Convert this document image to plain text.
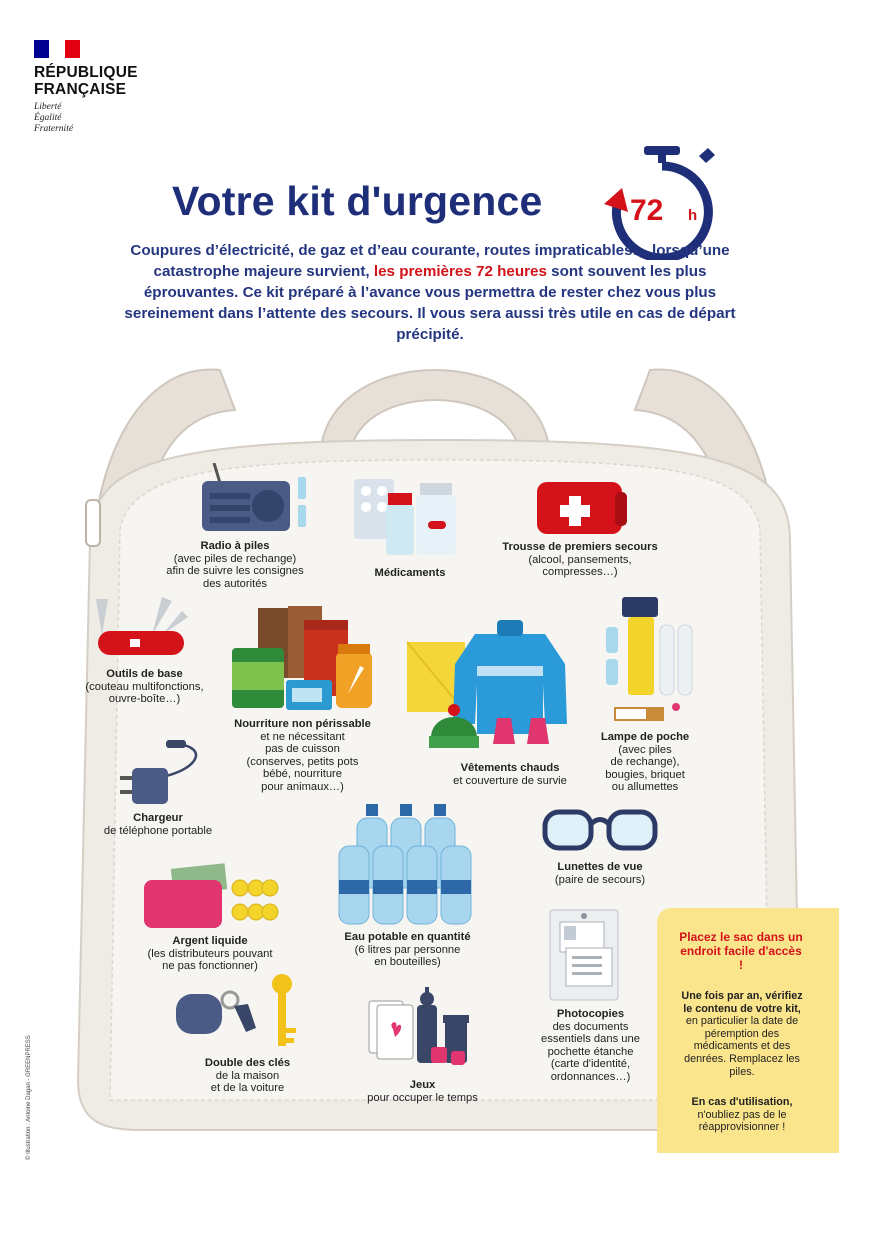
RÉPUBLIQUE
FRANÇAISE
Liberté
Égalité
Fraternité
Votre kit d'urgence	72 h
Coupures d’électricité, de gaz et d’eau courante, routes impraticables… lorsqu’une catastrophe majeure survient, les premières 72 heures sont souvent les plus éprouvantes. Ce kit préparé à l’avance vous permettra de rester chez vous plus sereinement dans l’attente des secours. Il vous sera aussi très utile en cas de départ précipité.
Radio à piles
(avec piles de rechange)
afin de suivre les consignes
des autorités
Médicaments
Trousse de premiers secours
(alcool, pansements,
compresses…)
Outils de base
(couteau multifonctions,
ouvre-boîte…)
Nourriture non périssable
et ne nécessitant
pas de cuisson
(conserves, petits pots
bébé, nourriture
pour animaux…)
Vêtements chauds
et couverture de survie
Lampe de poche
(avec piles
de rechange),
bougies, briquet
ou allumettes
Chargeur
de téléphone portable
Eau potable en quantité
(6 litres par personne
en bouteilles)
Lunettes de vue
(paire de secours)
Argent liquide
(les distributeurs pouvant
ne pas fonctionner)
Double des clés
de la maison
et de la voiture	Jeux
pour occuper le temps
Photocopies
des documents
essentiels dans une
pochette étanche
(carte d'identité,
ordonnances…)
Placez le sac dans un endroit facile d'accès !
Une fois par an, vérifiez le contenu de votre kit, en particulier la date de péremption des médicaments et des denrées. Remplacez les piles.
En cas d'utilisation, n'oubliez pas de le réapprovisionner !
© Illustration : Antoine Dagan - GREENPRESS
